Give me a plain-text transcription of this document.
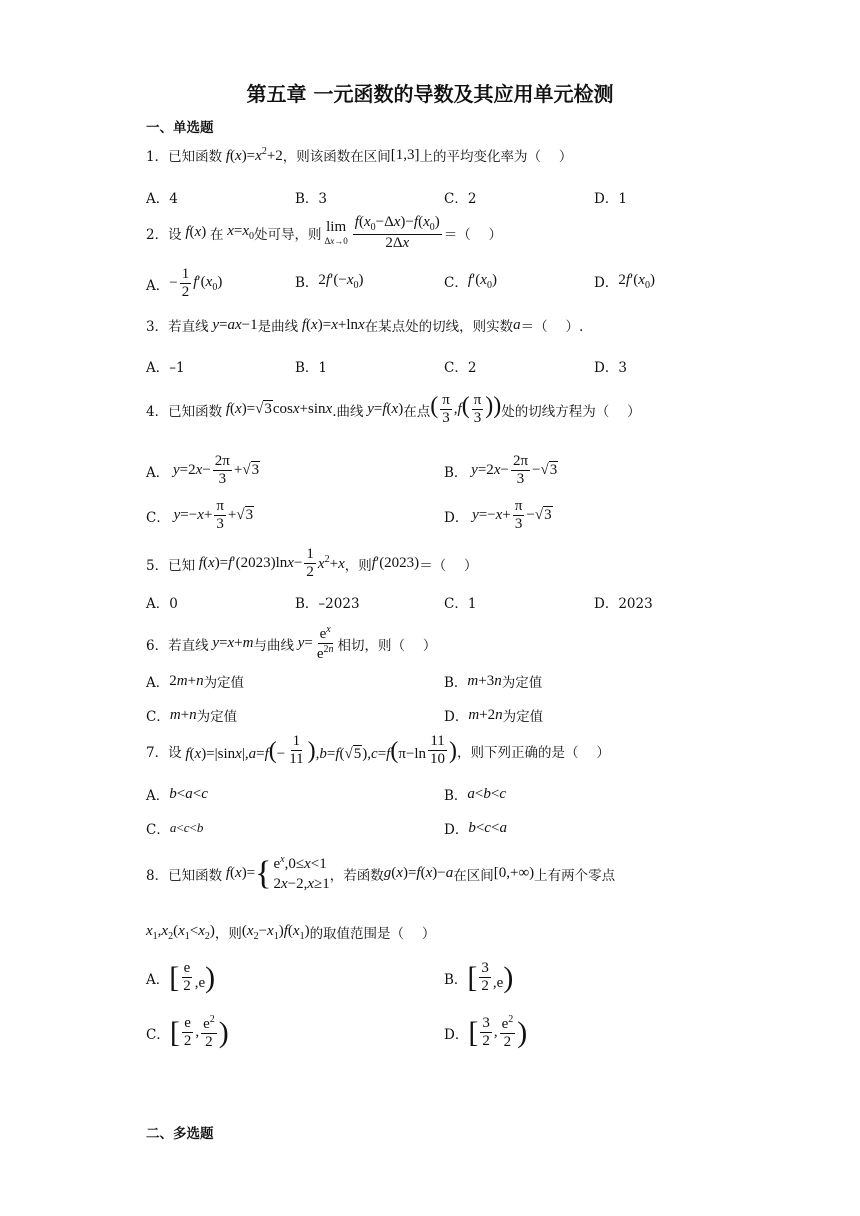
第五章 一元函数的导数及其应用单元检测
一、单选题
1． 已知函数 $f(x)=x^2+2$ ，则该函数在区间 [1,3] 上的平均变化率为（　 ）
A．4	B．3	C．2	D．1
2． 设 f(x) 在 $x=x_0$ 处可导，则 lim
$\Delta x\to 0 \frac{f(x_0-\Delta x)-f(x_0)}{2\Delta x}$ ＝（　 ）
A． − $\frac{1}{2} f'(x_0)$	B． $2f'(-x_0)$	C． $f'(x_0)$	D． $2f'(x_0)$
3． 若直线 y=ax−1 是曲线 f(x)=x+lnx 在某点处的切线，则实数 a ＝（　 ）.
A．–1	B．1	C．2	D．3
4． 已知函数 f(x)=√3cosx+sinx .曲线 y=f(x) 在点 ( $\frac{\pi}{3} ,f( \frac{\pi}{3}$ )) 处的切线方程为（　 ）
A． $y=2x- \frac{2\pi}{3} +√3$	B． $y=2x- \frac{2\pi}{3} -√3$
C． $y=-x+ \frac{\pi}{3} +√3$	D． $y=-x+ \frac{\pi}{3} -√3$
5． 已知 $f(x)=f'(2023)\ln x- \frac{1}{2} x^2+x$ ，则 f′(2023) ＝（　 ）
A．0	B．–2023	C．1	D．2023
6． 若直线 y=x+m 与曲线 $y= \frac{e^x}{e^{2n}}$ 相切，则（　 ）
A． 2m+n 为定值	B． m+3n 为定值
C． m+n 为定值	D． m+2n 为定值
7． 设 $f(x)=|\sin x|,a=f(- \frac{1}{11} ),b=f(√5),c=f(\pi-\ln \frac{11}{10}$ ) ，则下列正确的是（　 ）
A． b<a<c	B． a<b<c
C． a<c<b	D． b<c<a
8． 已知函数
f ( x )= { $e^x,0\le x<1$
2x−2,x≥1
，若函数 g(x)=f(x)−a 在区间 [0,+∞) 上有两个零点
$x_1,x_2(x_1<x_2)$ ，则 $(x_2-x_1)f(x_1)$ 的取值范围是（　 ）
A． [ $\frac{e}{2} ,e$)	B． [ $\frac{3}{2} ,e$)
C． [ $\frac{e}{2}$ , $\frac{e^2}{2}$ )	D． [ $\frac{3}{2}$ , $\frac{e^2}{2}$ )
二、多选题
